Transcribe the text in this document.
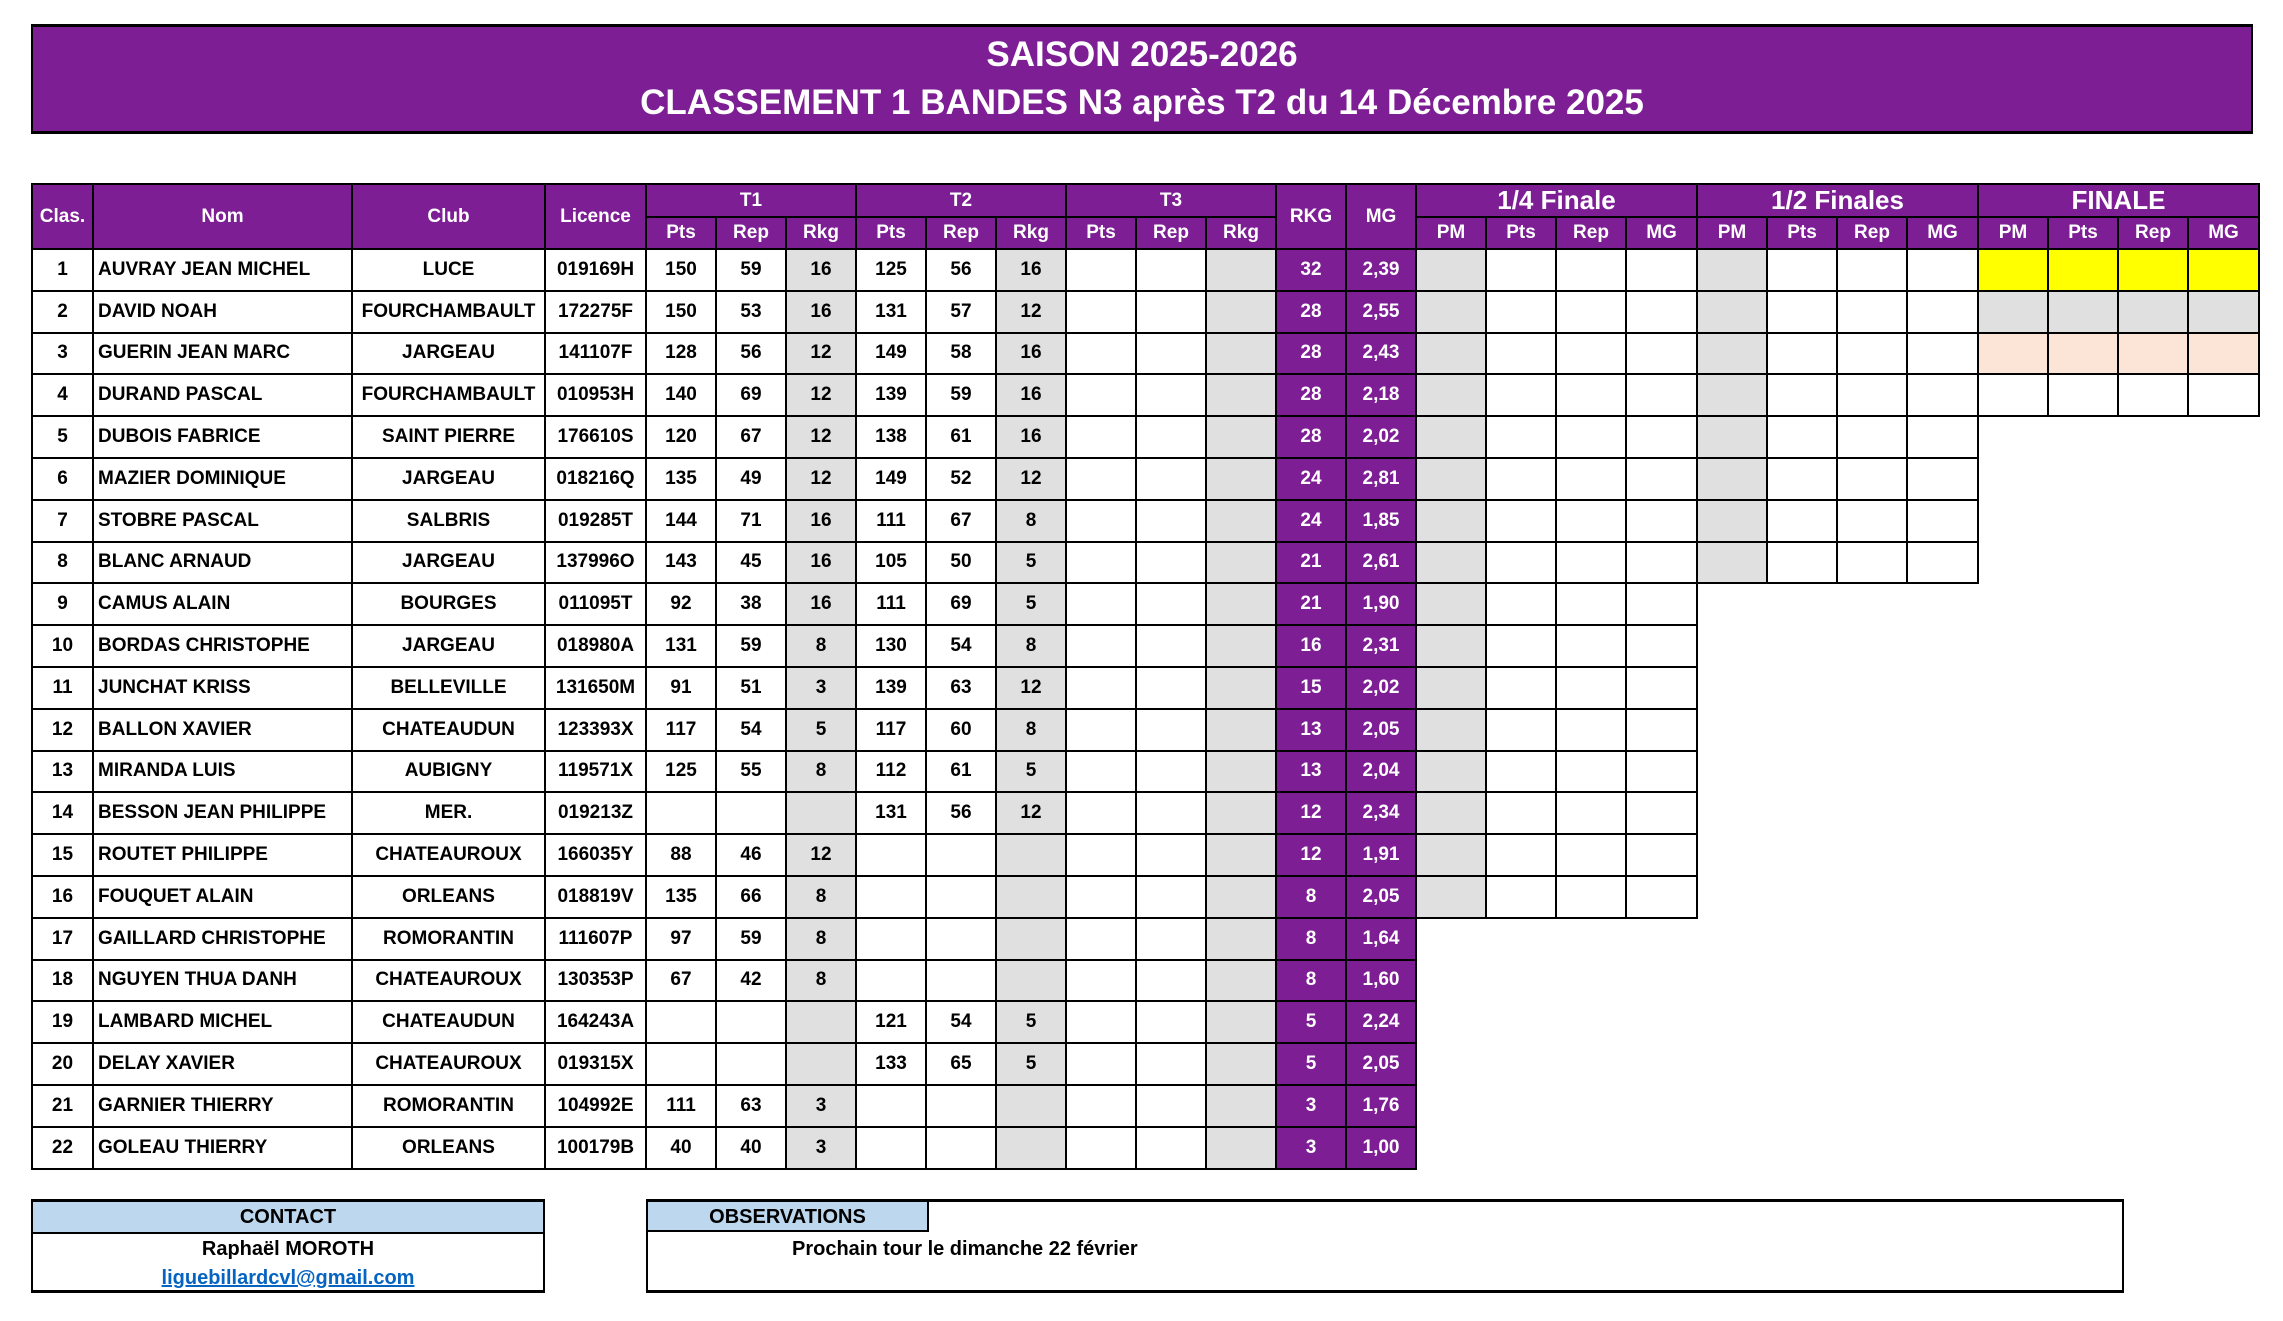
SAISON 2025-2026
CLASSEMENT 1 BANDES N3 après T2 du 14 Décembre 2025
Clas.	Nom	Club	Licence	T1			T2			T3			RKG	MG	1/4 Finale				1/2 Finales				FINALE			
				Pts	Rep	Rkg	Pts	Rep	Rkg	Pts	Rep	Rkg			PM	Pts	Rep	MG	PM	Pts	Rep	MG	PM	Pts	Rep	MG
1	AUVRAY JEAN MICHEL	LUCE	019169H	150	59	16	125	56	16				32	2,39												
2	DAVID NOAH	FOURCHAMBAULT	172275F	150	53	16	131	57	12				28	2,55												
3	GUERIN JEAN MARC	JARGEAU	141107F	128	56	12	149	58	16				28	2,43												
4	DURAND PASCAL	FOURCHAMBAULT	010953H	140	69	12	139	59	16				28	2,18												
5	DUBOIS FABRICE	SAINT PIERRE	176610S	120	67	12	138	61	16				28	2,02												
6	MAZIER DOMINIQUE	JARGEAU	018216Q	135	49	12	149	52	12				24	2,81												
7	STOBRE PASCAL	SALBRIS	019285T	144	71	16	111	67	8				24	1,85												
8	BLANC ARNAUD	JARGEAU	137996O	143	45	16	105	50	5				21	2,61												
9	CAMUS ALAIN	BOURGES	011095T	92	38	16	111	69	5				21	1,90												
10	BORDAS CHRISTOPHE	JARGEAU	018980A	131	59	8	130	54	8				16	2,31												
11	JUNCHAT KRISS	BELLEVILLE	131650M	91	51	3	139	63	12				15	2,02												
12	BALLON XAVIER	CHATEAUDUN	123393X	117	54	5	117	60	8				13	2,05												
13	MIRANDA LUIS	AUBIGNY	119571X	125	55	8	112	61	5				13	2,04												
14	BESSON JEAN PHILIPPE	MER.	019213Z				131	56	12				12	2,34												
15	ROUTET PHILIPPE	CHATEAUROUX	166035Y	88	46	12							12	1,91												
16	FOUQUET ALAIN	ORLEANS	018819V	135	66	8							8	2,05												
17	GAILLARD CHRISTOPHE	ROMORANTIN	111607P	97	59	8							8	1,64												
18	NGUYEN THUA DANH	CHATEAUROUX	130353P	67	42	8							8	1,60												
19	LAMBARD MICHEL	CHATEAUDUN	164243A				121	54	5				5	2,24												
20	DELAY XAVIER	CHATEAUROUX	019315X				133	65	5				5	2,05												
21	GARNIER THIERRY	ROMORANTIN	104992E	111	63	3							3	1,76												
22	GOLEAU THIERRY	ORLEANS	100179B	40	40	3							3	1,00												
CONTACT
Raphaël MOROTH
liguebillardcvl@gmail.com
OBSERVATIONS
Prochain tour le dimanche 22 février
